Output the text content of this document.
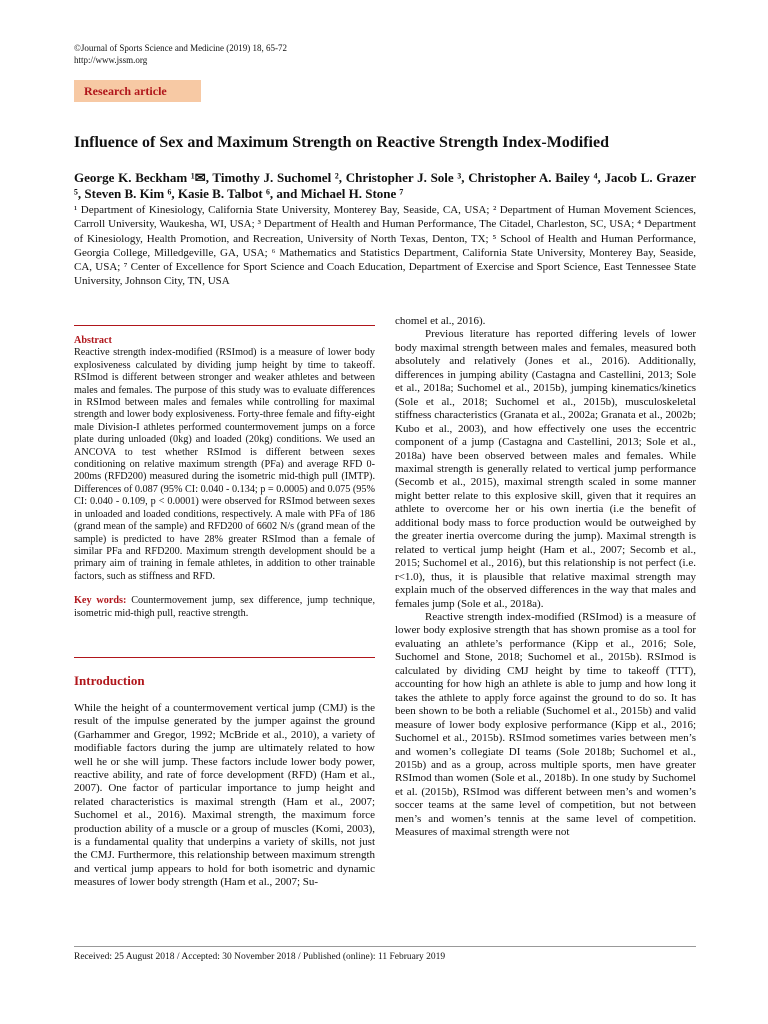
©Journal of Sports Science and Medicine (2019) 18, 65-72
http://www.jssm.org
Research article
Influence of Sex and Maximum Strength on Reactive Strength Index-Modified
George K. Beckham ¹✉, Timothy J. Suchomel ², Christopher J. Sole ³, Christopher A. Bailey ⁴, Jacob L. Grazer ⁵, Steven B. Kim ⁶, Kasie B. Talbot ⁶, and Michael H. Stone ⁷
¹ Department of Kinesiology, California State University, Monterey Bay, Seaside, CA, USA; ² Department of Human Movement Sciences, Carroll University, Waukesha, WI, USA; ³ Department of Health and Human Performance, The Citadel, Charleston, SC, USA; ⁴ Department of Kinesiology, Health Promotion, and Recreation, University of North Texas, Denton, TX; ⁵ School of Health and Human Performance, Georgia College, Milledgeville, GA, USA; ⁶ Mathematics and Statistics Department, California State University, Monterey Bay, Seaside, CA, USA; ⁷ Center of Excellence for Sport Science and Coach Education, Department of Exercise and Sport Science, East Tennessee State University, Johnson City, TN, USA
Abstract

Reactive strength index-modified (RSImod) is a measure of lower body explosiveness calculated by dividing jump height by time to takeoff. RSImod is different between stronger and weaker athletes and between males and females. The purpose of this study was to evaluate differences in RSImod between males and females while controlling for maximal strength and lower body explosiveness. Forty-three female and fifty-eight male Division-I athletes performed countermovement jumps on a force plate during unloaded (0kg) and loaded (20kg) conditions. We used an ANCOVA to test whether RSImod is different between sexes conditioning on relative maximum strength (PFa) and average RFD 0-200ms (RFD200) measured during the isometric mid-thigh pull (IMTP). Differences of 0.087 (95% CI: 0.040 - 0.134; p = 0.0005) and 0.075 (95% CI: 0.040 - 0.109, p < 0.0001) were observed for RSImod between sexes in unloaded and loaded conditions, respectively. A male with PFa of 186 (grand mean of the sample) and RFD200 of 6602 N/s (grand mean of the sample) is predicted to have 28% greater RSImod than a female of similar PFa and RFD200. Maximum strength development should be a primary aim of training in female athletes, in addition to other trainable factors, such as stiffness and RFD.

Key words: Countermovement jump, sex difference, jump technique, isometric mid-thigh pull, reactive strength.
Introduction

While the height of a countermovement vertical jump (CMJ) is the result of the impulse generated by the jumper against the ground (Garhammer and Gregor, 1992; McBride et al., 2010), a variety of modifiable factors during the jump are ultimately related to how well he or she will jump. These factors include lower body power, reactive ability, and rate of force development (RFD) (Ham et al., 2007). One factor of particular importance to jump height and related characteristics is maximal strength (Ham et al., 2007; Suchomel et al., 2016). Maximal strength, the maximum force production ability of a muscle or a group of muscles (Komi, 2003), is a fundamental quality that underpins a variety of skills, not just the CMJ. Furthermore, this relationship between maximum strength and vertical jump appears to hold for both isometric and dynamic measures of lower body strength (Ham et al., 2007; Su-

chomel et al., 2016).

Previous literature has reported differing levels of lower body maximal strength between males and females, measured both absolutely and relatively (Jones et al., 2016). Additionally, differences in jumping ability (Castagna and Castellini, 2013; Sole et al., 2018a; Suchomel et al., 2015b), jumping kinematics/kinetics (Sole et al., 2018; Suchomel et al., 2015b), musculoskeletal stiffness characteristics (Granata et al., 2002a; Granata et al., 2002b; Kubo et al., 2003), and how effectively one uses the eccentric component of a jump (Castagna and Castellini, 2013; Sole et al., 2018a) have been observed between males and females. While maximal strength is generally related to vertical jump performance (Secomb et al., 2015), maximal strength scaled in some manner might better relate to this explosive skill, given that it requires an athlete to overcome her or his own inertia (i.e the benefit of additional body mass to force production would be outweighed by the greater inertia overcome during the jump). Maximal strength is related to vertical jump height (Ham et al., 2007; Secomb et al., 2015; Suchomel et al., 2016), but this relationship is not perfect (i.e. r<1.0), thus, it is plausible that relative maximal strength may explain much of the observed differences in the way that males and females jump (Sole et al., 2018a).

Reactive strength index-modified (RSImod) is a measure of lower body explosive strength that has shown promise as a tool for evaluating an athlete’s performance (Kipp et al., 2016; Sole, Suchomel and Stone, 2018; Suchomel et al., 2015b). RSImod is calculated by dividing CMJ height by time to takeoff (TTT), accounting for how high an athlete is able to jump and how long it takes the athlete to apply force against the ground to do so. It has been shown to be both a reliable (Suchomel et al., 2015b) and valid measure of lower body explosive performance (Kipp et al., 2016; Suchomel et al., 2015b). RSImod sometimes varies between men’s and women’s collegiate DI teams (Sole 2018b; Suchomel et al., 2015b) and as a group, across multiple sports, men have greater RSImod than women (Sole et al., 2018b). In one study by Suchomel et al. (2015b), RSImod was different between men’s and women’s soccer teams at the same level of competition, but not between men’s and women’s tennis at the same level of competition. Measures of maximal strength were not

Received: 25 August 2018 / Accepted: 30 November 2018 / Published (online): 11 February 2019
